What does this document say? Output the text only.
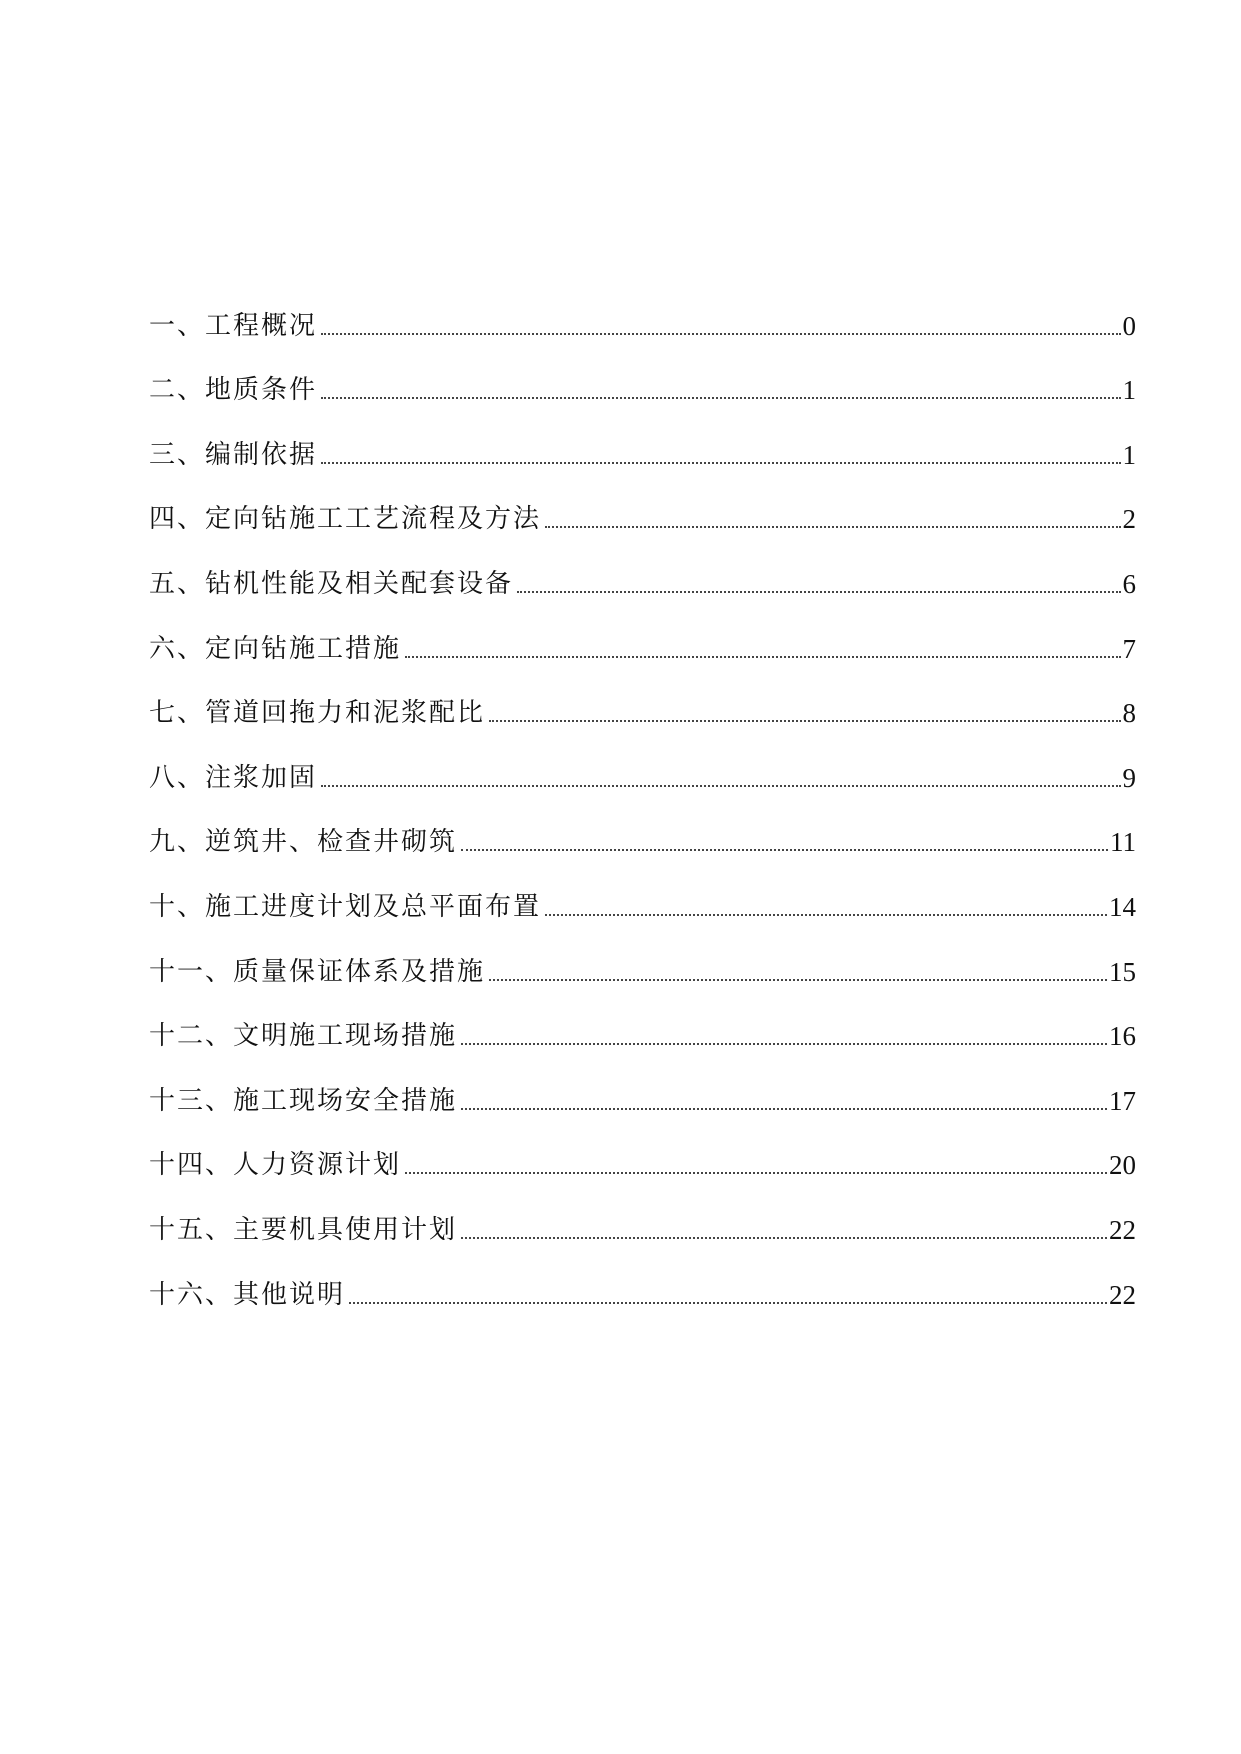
一、工程概况	0
二、地质条件	1
三、编制依据	1
四、定向钻施工工艺流程及方法	2
五、钻机性能及相关配套设备	6
六、定向钻施工措施	7
七、管道回拖力和泥浆配比	8
八、注浆加固	9
九、逆筑井、检查井砌筑	11
十、施工进度计划及总平面布置	14
十一、质量保证体系及措施	15
十二、文明施工现场措施	16
十三、施工现场安全措施	17
十四、人力资源计划	20
十五、主要机具使用计划	22
十六、其他说明	22
